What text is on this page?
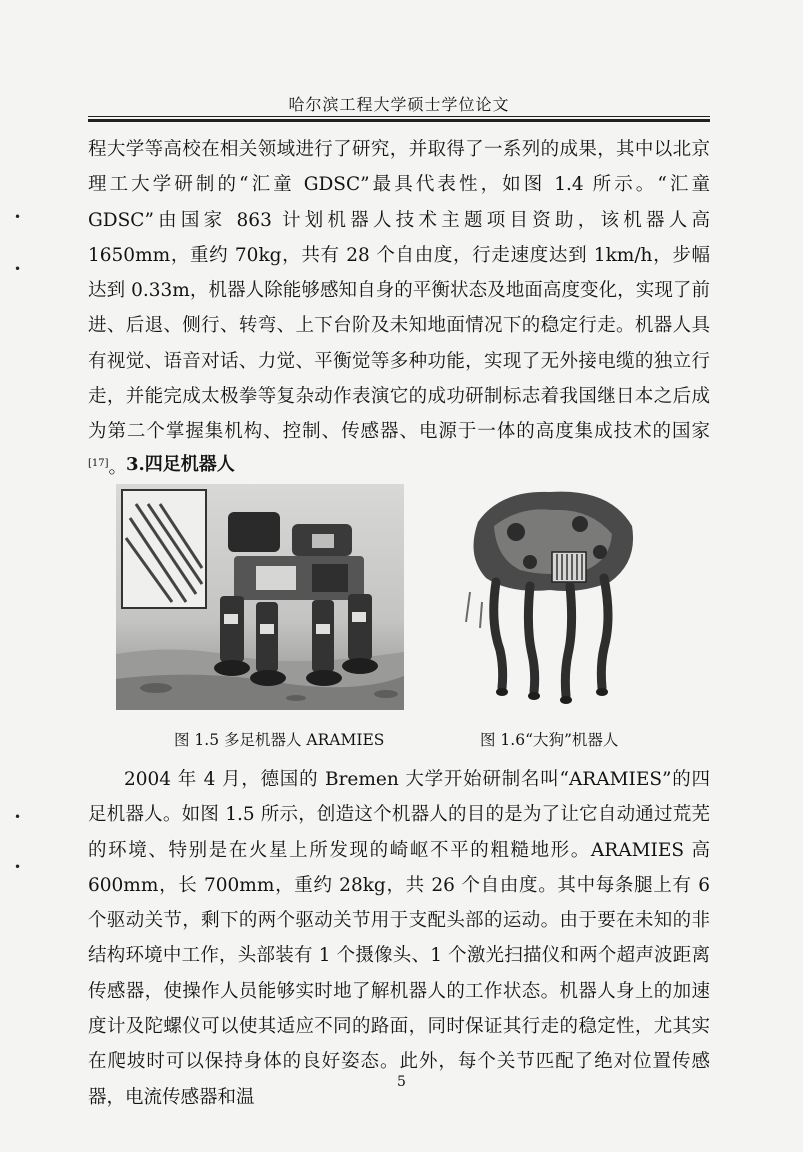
哈尔滨工程大学硕士学位论文

程大学等高校在相关领域进行了研究，并取得了一系列的成果，其中以北京理工大学研制的“汇童 GDSC”最具代表性，如图 1.4 所示。“汇童 GDSC”由国家 863 计划机器人技术主题项目资助，该机器人高 1650mm，重约 70kg，共有 28 个自由度，行走速度达到 1km/h，步幅达到 0.33m，机器人除能够感知自身的平衡状态及地面高度变化，实现了前进、后退、侧行、转弯、上下台阶及未知地面情况下的稳定行走。机器人具有视觉、语音对话、力觉、平衡觉等多种功能，实现了无外接电缆的独立行走，并能完成太极拳等复杂动作表演它的成功研制标志着我国继日本之后成为第二个掌握集机构、控制、传感器、电源于一体的高度集成技术的国家[17]。

3.四足机器人
图 1.5 多足机器人 ARAMIES	图 1.6“大狗”机器人

2004 年 4 月，德国的 Bremen 大学开始研制名叫“ARAMIES”的四足机器人。如图 1.5 所示，创造这个机器人的目的是为了让它自动通过荒芜的环境、特别是在火星上所发现的崎岖不平的粗糙地形。ARAMIES 高 600mm，长 700mm，重约 28kg，共 26 个自由度。其中每条腿上有 6 个驱动关节，剩下的两个驱动关节用于支配头部的运动。由于要在未知的非结构环境中工作，头部装有 1 个摄像头、1 个激光扫描仪和两个超声波距离传感器，使操作人员能够实时地了解机器人的工作状态。机器人身上的加速度计及陀螺仪可以使其适应不同的路面，同时保证其行走的稳定性，尤其实在爬坡时可以保持身体的良好姿态。此外，每个关节匹配了绝对位置传感器，电流传感器和温

5
•
•
•
•
